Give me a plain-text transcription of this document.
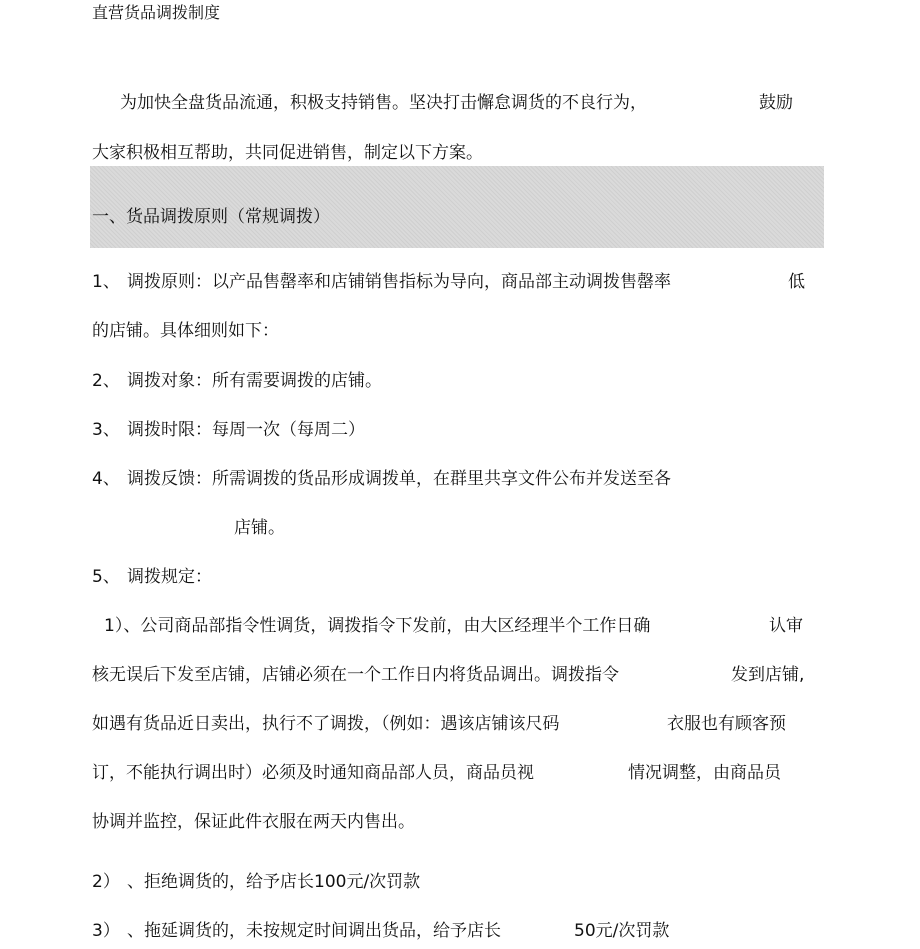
直营货品调拨制度
为加快全盘货品流通，积极支持销售。坚决打击懈怠调货的不良行为，	鼓励
大家积极相互帮助，共同促进销售，制定以下方案。
一、货品调拨原则（常规调拨）
1、 调拨原则：以产品售罄率和店铺销售指标为导向，商品部主动调拨售罄率	低
的店铺。具体细则如下：
2、 调拨对象：所有需要调拨的店铺。
3、 调拨时限：每周一次（每周二）
4、 调拨反馈：所需调拨的货品形成调拨单，在群里共享文件公布并发送至各
店铺。
5、 调拨规定：
1）、公司商品部指令性调货，调拨指令下发前，由大区经理半个工作日确	认审
核无误后下发至店铺，店铺必须在一个工作日内将货品调出。调拨指令	发到店铺,
如遇有货品近日卖出，执行不了调拨，（例如：遇该店铺该尺码	衣服也有顾客预
订，不能执行调出时）必须及时通知商品部人员，商品员视	情况调整，由商品员
协调并监控，保证此件衣服在两天内售出。
2） 、拒绝调货的，给予店长100元/次罚款
3） 、拖延调货的，未按规定时间调出货品，给予店长	50元/次罚款
